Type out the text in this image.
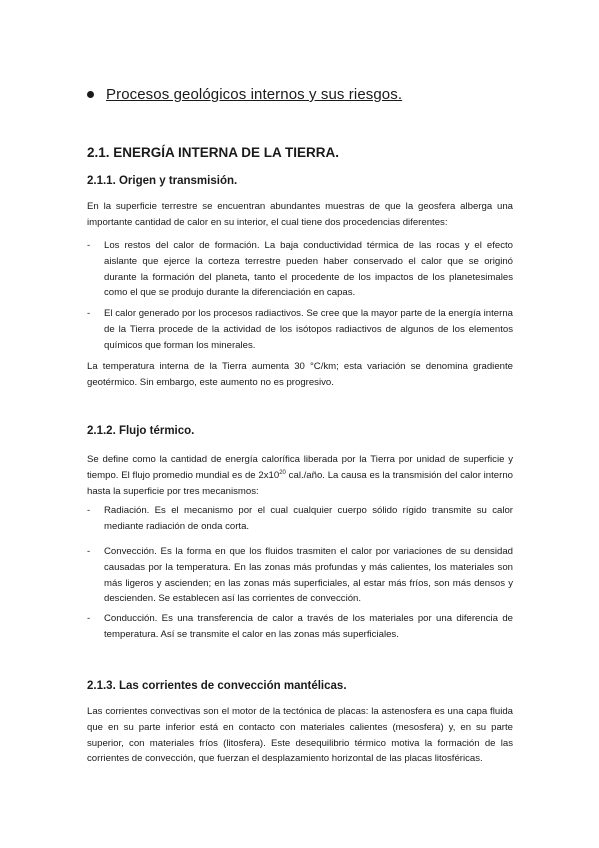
Procesos geológicos internos y sus riesgos.
2.1. ENERGÍA INTERNA DE LA TIERRA.
2.1.1. Origen y transmisión.
En la superficie terrestre se encuentran abundantes muestras de que la geosfera alberga una importante cantidad de calor en su interior, el cual tiene dos procedencias diferentes:
-	Los restos del calor de formación. La baja conductividad térmica de las rocas y el efecto aislante que ejerce la corteza terrestre pueden haber conservado el calor que se originó durante la formación del planeta, tanto el procedente de los impactos de los planetesimales como el que se produjo durante la diferenciación en capas.
-	El calor generado por los procesos radiactivos. Se cree que la mayor parte de la energía interna de la Tierra procede de la actividad de los isótopos radiactivos de algunos de los elementos químicos que forman los minerales.
La temperatura interna de la Tierra aumenta 30 °C/km; esta variación se denomina gradiente geotérmico. Sin embargo, este aumento no es progresivo.
2.1.2. Flujo térmico.
Se define como la cantidad de energía calorífica liberada por la Tierra por unidad de superficie y tiempo. El flujo promedio mundial es de $2x10^{20}$ cal./año. La causa es la transmisión del calor interno hasta la superficie por tres mecanismos:
-	Radiación. Es el mecanismo por el cual cualquier cuerpo sólido rígido transmite su calor mediante radiación de onda corta.
-	Convección. Es la forma en que los fluidos trasmiten el calor por variaciones de su densidad causadas por la temperatura. En las zonas más profundas y más calientes, los materiales son más ligeros y ascienden; en las zonas más superficiales, al estar más fríos, son más densos y descienden. Se establecen así las corrientes de convección.
-	Conducción. Es una transferencia de calor a través de los materiales por una diferencia de temperatura. Así se transmite el calor en las zonas más superficiales.
2.1.3. Las corrientes de convección mantélicas.
Las corrientes convectivas son el motor de la tectónica de placas: la astenosfera es una capa fluida que en su parte inferior está en contacto con materiales calientes (mesosfera) y, en su parte superior, con materiales fríos (litosfera). Este desequilibrio térmico motiva la formación de las corrientes de convección, que fuerzan el desplazamiento horizontal de las placas litosféricas.
